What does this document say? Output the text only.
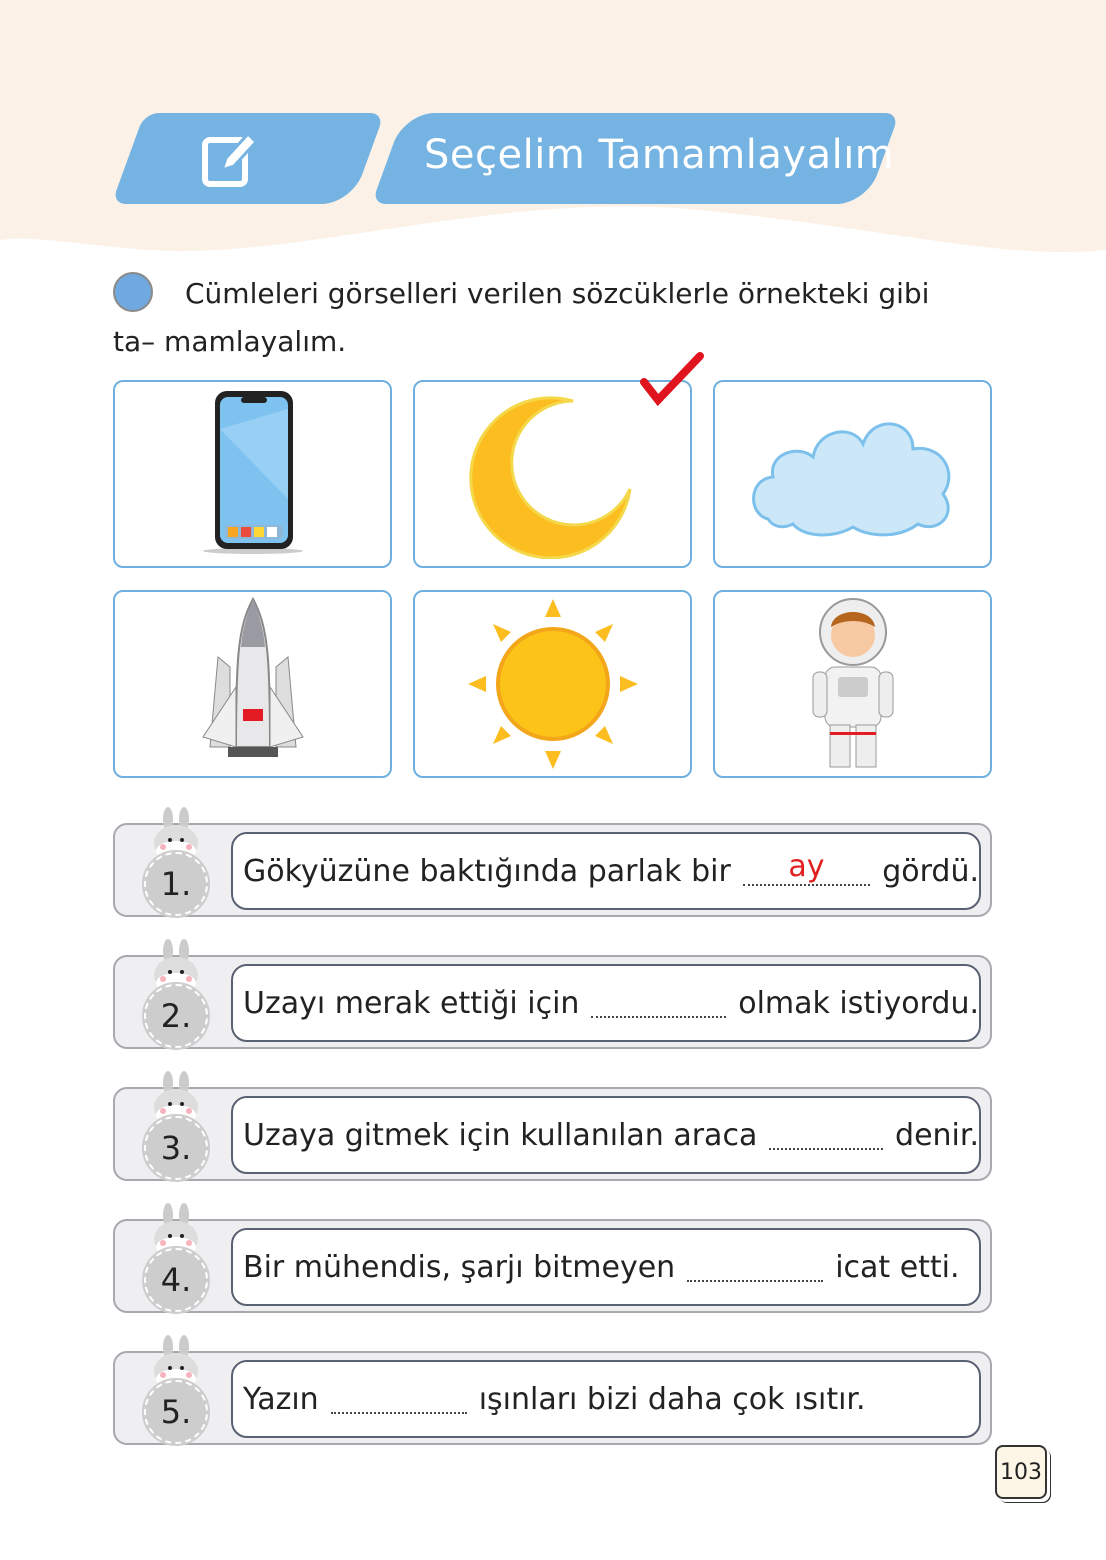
Seçelim Tamamlayalım
Cümleleri görselleri verilen sözcüklerle örnekteki gibi ta– mamlayalım.
1.	Gökyüzüne baktığında parlak bir	ay	gördü.
2.	Uzayı merak ettiği için	olmak istiyordu.
3.	Uzaya gitmek için kullanılan araca	denir.
4.	Bir mühendis, şarjı bitmeyen	icat etti.
5.	Yazın	ışınları bizi daha çok ısıtır.
103
